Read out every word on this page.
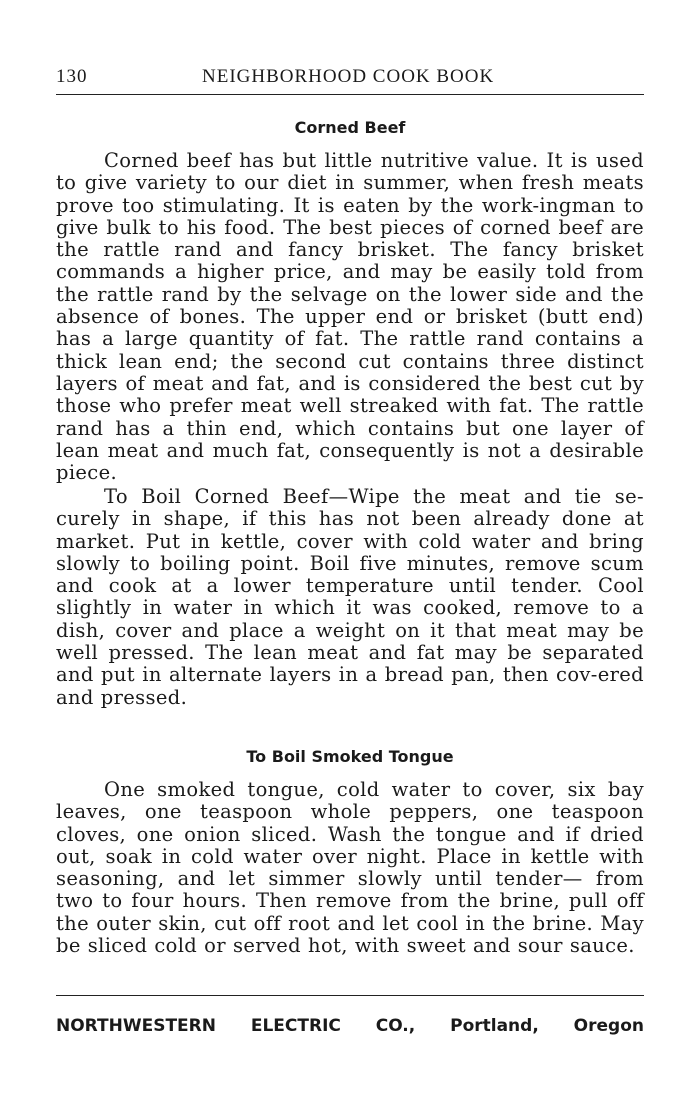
130	NEIGHBORHOOD COOK BOOK
Corned Beef

Corned beef has but little nutritive value. It is used to give variety to our diet in summer, when fresh meats prove too stimulating. It is eaten by the work-ingman to give bulk to his food. The best pieces of corned beef are the rattle rand and fancy brisket. The fancy brisket commands a higher price, and may be easily told from the rattle rand by the selvage on the lower side and the absence of bones. The upper end or brisket (butt end) has a large quantity of fat. The rattle rand contains a thick lean end; the second cut contains three distinct layers of meat and fat, and is considered the best cut by those who prefer meat well streaked with fat. The rattle rand has a thin end, which contains but one layer of lean meat and much fat, consequently is not a desirable piece.

To Boil Corned Beef—Wipe the meat and tie se-curely in shape, if this has not been already done at market. Put in kettle, cover with cold water and bring slowly to boiling point. Boil five minutes, remove scum and cook at a lower temperature until tender. Cool slightly in water in which it was cooked, remove to a dish, cover and place a weight on it that meat may be well pressed. The lean meat and fat may be separated and put in alternate layers in a bread pan, then cov-ered and pressed.

To Boil Smoked Tongue

One smoked tongue, cold water to cover, six bay leaves, one teaspoon whole peppers, one teaspoon cloves, one onion sliced. Wash the tongue and if dried out, soak in cold water over night. Place in kettle with seasoning, and let simmer slowly until tender— from two to four hours. Then remove from the brine, pull off the outer skin, cut off root and let cool in the brine. May be sliced cold or served hot, with sweet and sour sauce.

NORTHWESTERN ELECTRIC CO., Portland, Oregon
